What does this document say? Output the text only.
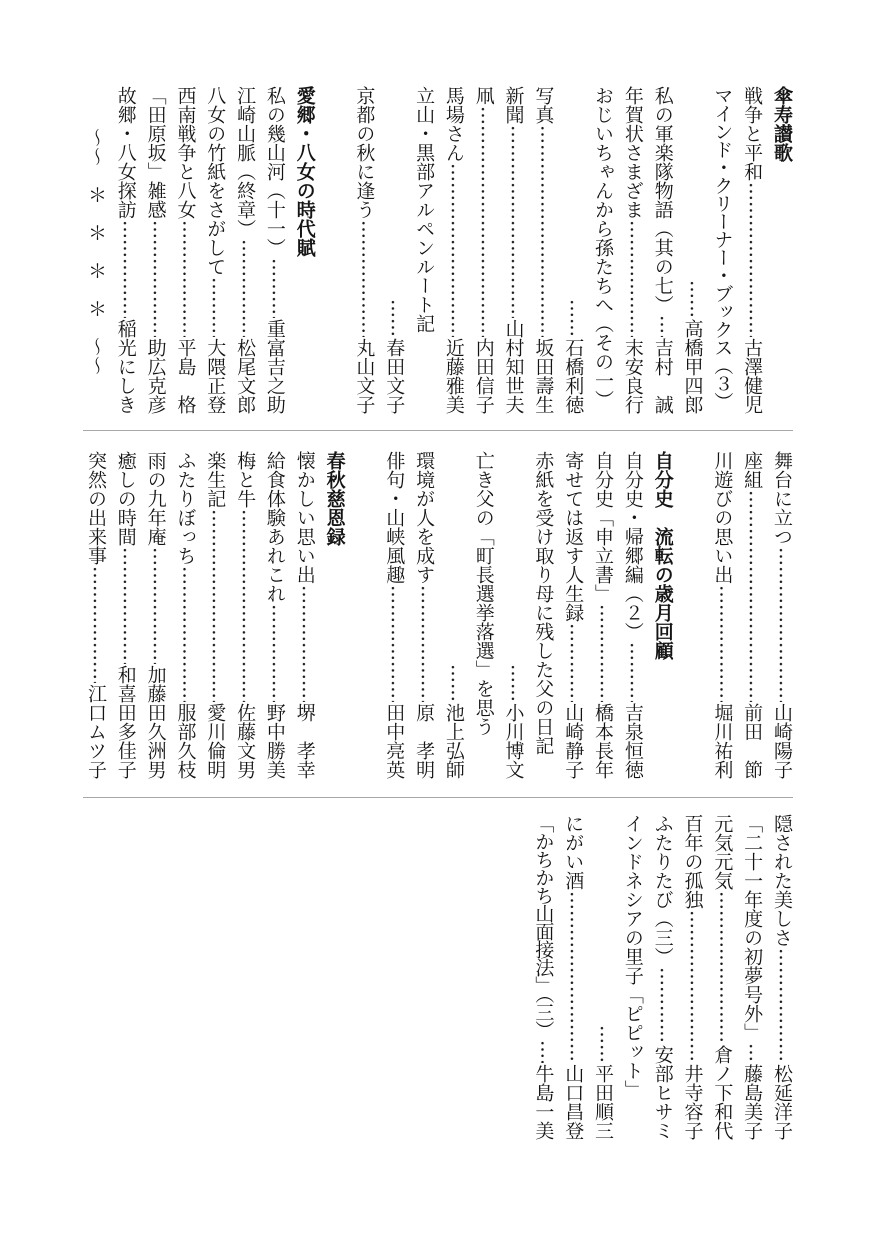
傘寿讃歌
戦争と平和
古澤健児
マインド・クリーナー・ブックス（３）
高橋甲四郎
私の軍楽隊物語（其の七）
吉村　誠
年賀状さまざま
末安良行
おじいちゃんから孫たちへ（その一）
石橋利徳
写真
坂田壽生
新聞
山村知世夫
凧
内田信子
馬場さん
近藤雅美
立山・黒部アルペンルート記
春田文子
京都の秋に逢う
丸山文子
愛郷・八女の時代賦
私の幾山河（十一）
重富吉之助
江崎山脈（終章）
松尾文郎
八女の竹紙をさがして
大隈正登
西南戦争と八女
平島　格
「田原坂」雑感
助広克彦
故郷・八女探訪
稲光にしき
〜〜　＊　＊　＊　＊　〜〜
舞台に立つ
山崎陽子
座組
前田　節
川遊びの思い出
堀川祐利
自分史　流転の歳月回顧
自分史・帰郷編（２）
吉泉恒徳
自分史「申立書」
橋本長年
寄せては返す人生録
山崎静子
赤紙を受け取り母に残した父の日記
小川博文
亡き父の「町長選挙落選」を思う
池上弘師
環境が人を成す
原　孝明
俳句・山峡風趣
田中亮英
春秋慈恩録
懐かしい思い出
堺　孝幸
給食体験あれこれ
野中勝美
梅と牛
佐藤文男
楽生記
愛川倫明
ふたりぼっち
服部久枝
雨の九年庵
加藤田久洲男
癒しの時間
和喜田多佳子
突然の出来事
江口ムツ子
隠された美しさ
松延洋子
「二十一年度の初夢号外」
藤島美子
元気元気
倉ノ下和代
百年の孤独
井寺容子
ふたりたび（三）
安部ヒサミ
インドネシアの里子「ピピット」
平田順三
にがい酒
山口昌登
「かちかち山面接法」（三）
牛島一美
